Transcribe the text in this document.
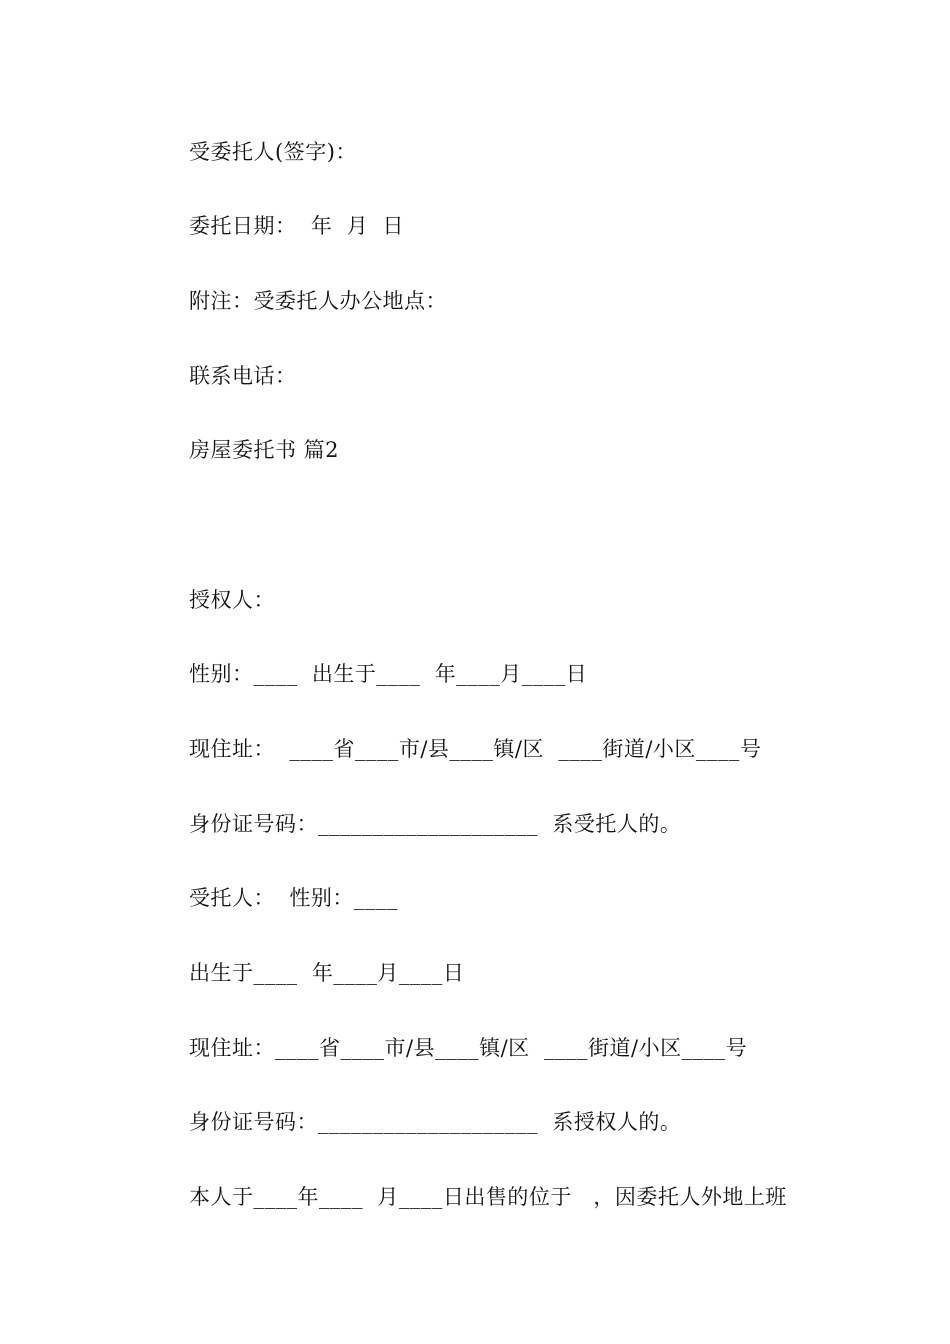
受委托人(签字)：
委托日期：  年  月  日
附注：受委托人办公地点：
联系电话：
房屋委托书 篇2
授权人：
性别：____  出生于____  年____月____日
现住址：  ____省____市/县____镇/区  ____街道/小区____号
身份证号码：____________________  系受托人的。
受托人：  性别：____
出生于____  年____月____日
现住址：____省____市/县____镇/区  ____街道/小区____号
身份证号码：____________________  系授权人的。
本人于____年____  月____日出售的位于   ，因委托人外地上班
